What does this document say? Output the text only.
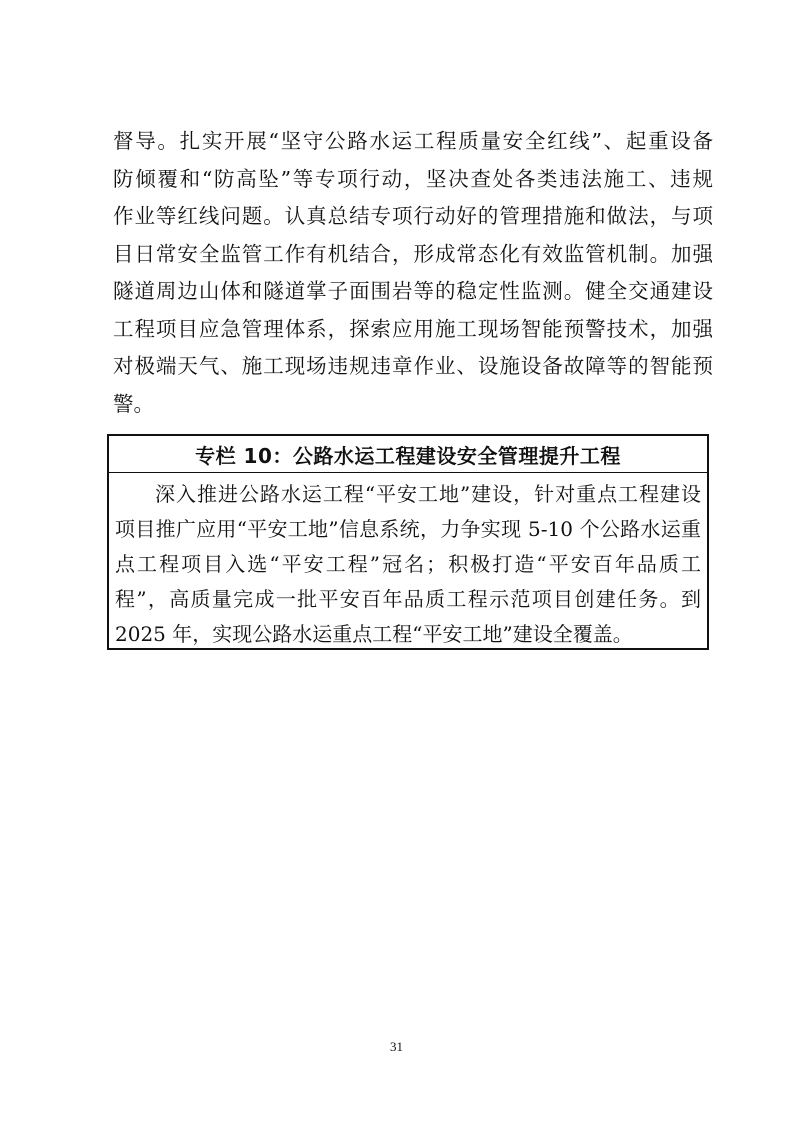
督导。扎实开展“坚守公路水运工程质量安全红线”、起重设备
防倾覆和“防高坠”等专项行动，坚决查处各类违法施工、违规
作业等红线问题。认真总结专项行动好的管理措施和做法，与项
目日常安全监管工作有机结合，形成常态化有效监管机制。加强
隧道周边山体和隧道掌子面围岩等的稳定性监测。健全交通建设
工程项目应急管理体系，探索应用施工现场智能预警技术，加强
对极端天气、施工现场违规违章作业、设施设备故障等的智能预
警。
专栏 10：公路水运工程建设安全管理提升工程
深入推进公路水运工程“平安工地”建设，针对重点工程建设
项目推广应用“平安工地”信息系统，力争实现 5-10 个公路水运重
点工程项目入选“平安工程”冠名；积极打造“平安百年品质工
程”，高质量完成一批平安百年品质工程示范项目创建任务。到
2025 年，实现公路水运重点工程“平安工地”建设全覆盖。
31
